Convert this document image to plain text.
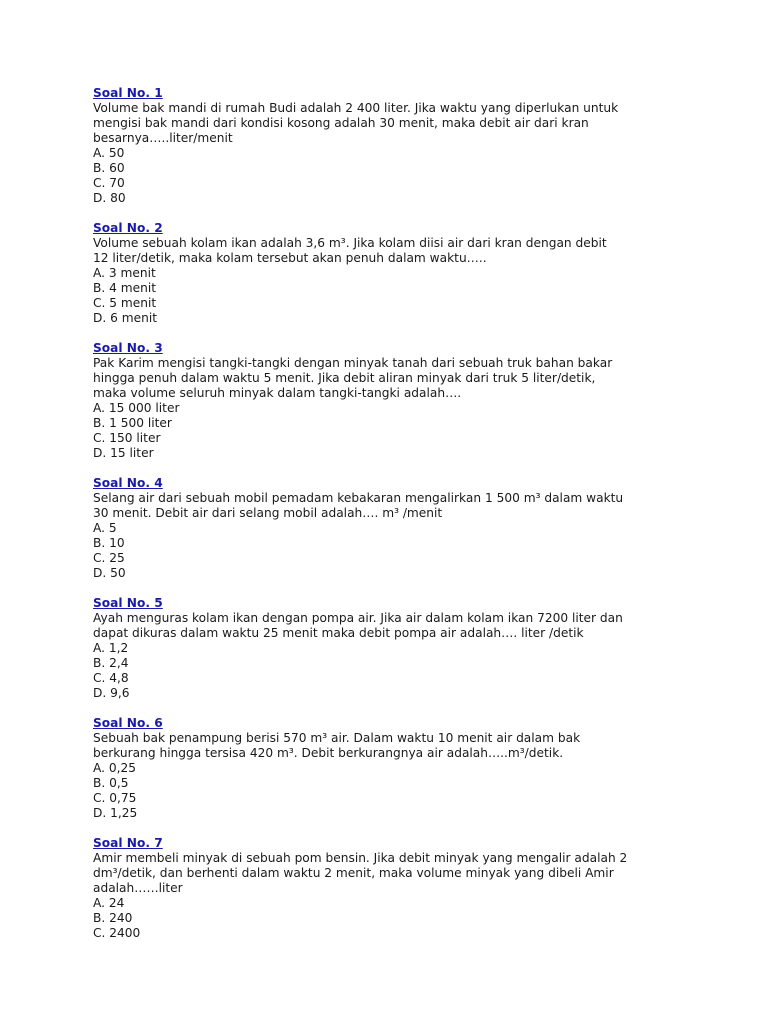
Soal No. 1
Volume bak mandi di rumah Budi adalah 2 400 liter. Jika waktu yang diperlukan untuk
mengisi bak mandi dari kondisi kosong adalah 30 menit, maka debit air dari kran
besarnya…..liter/menit
A. 50
B. 60
C. 70
D. 80
Soal No. 2
Volume sebuah kolam ikan adalah 3,6 m³. Jika kolam diisi air dari kran dengan debit
12 liter/detik, maka kolam tersebut akan penuh dalam waktu…..
A. 3 menit
B. 4 menit
C. 5 menit
D. 6 menit
Soal No. 3
Pak Karim mengisi tangki-tangki dengan minyak tanah dari sebuah truk bahan bakar
hingga penuh dalam waktu 5 menit. Jika debit aliran minyak dari truk 5 liter/detik,
maka volume seluruh minyak dalam tangki-tangki adalah….
A. 15 000 liter
B. 1 500 liter
C. 150 liter
D. 15 liter
Soal No. 4
Selang air dari sebuah mobil pemadam kebakaran mengalirkan 1 500 m³ dalam waktu
30 menit. Debit air dari selang mobil adalah…. m³ /menit
A. 5
B. 10
C. 25
D. 50
Soal No. 5
Ayah menguras kolam ikan dengan pompa air. Jika air dalam kolam ikan 7200 liter dan
dapat dikuras dalam waktu 25 menit maka debit pompa air adalah…. liter /detik
A. 1,2
B. 2,4
C. 4,8
D. 9,6
Soal No. 6
Sebuah bak penampung berisi 570 m³ air. Dalam waktu 10 menit air dalam bak
berkurang hingga tersisa 420 m³. Debit berkurangnya air adalah…..m³/detik.
A. 0,25
B. 0,5
C. 0,75
D. 1,25
Soal No. 7
Amir membeli minyak di sebuah pom bensin. Jika debit minyak yang mengalir adalah 2
dm³/detik, dan berhenti dalam waktu 2 menit, maka volume minyak yang dibeli Amir
adalah……liter
A. 24
B. 240
C. 2400
